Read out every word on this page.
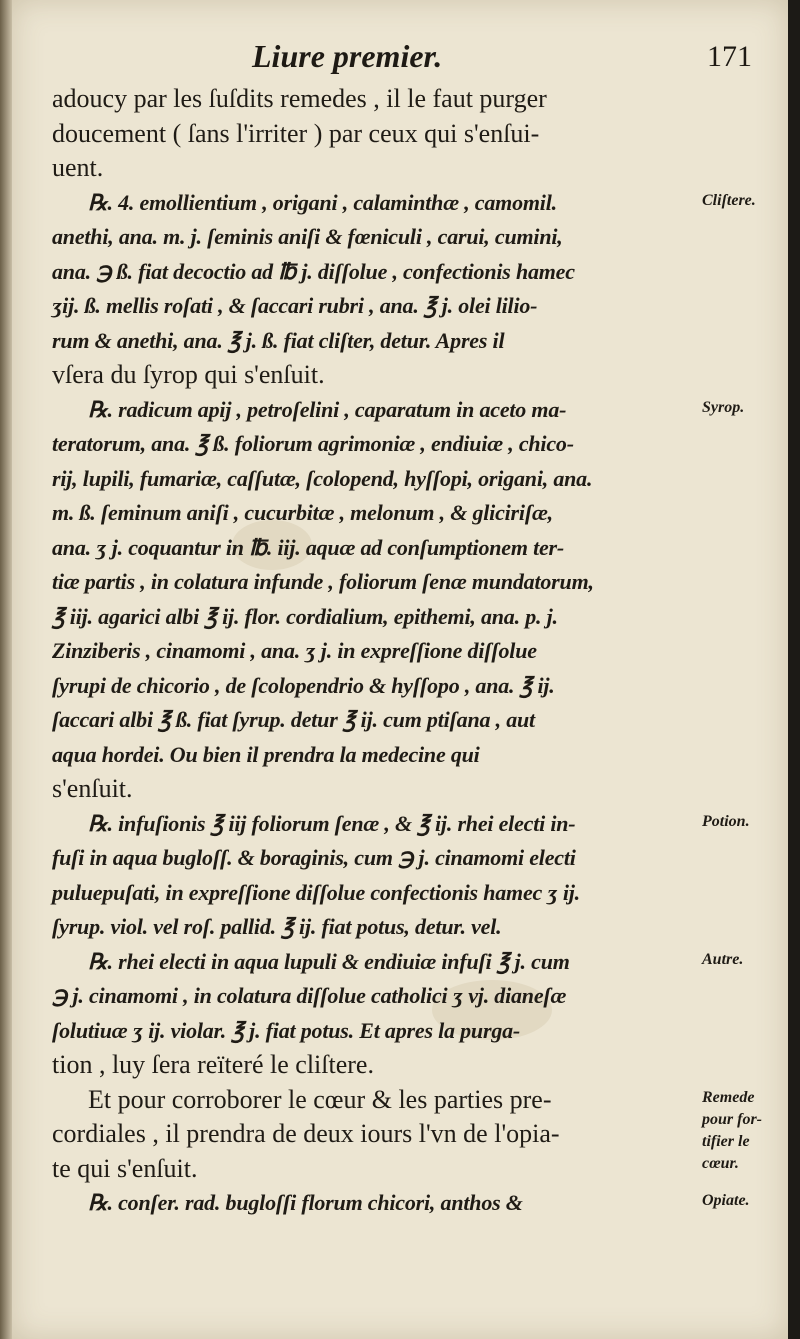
Liure premier.	171
adoucy par les ſuſdits remedes , il le faut purger
doucement ( ſans l'irriter ) par ceux qui s'enſui-
uent.
℞. 4. emollientium , origani , calaminthæ , camomil.
anethi, ana. m. j. ſeminis aniſi & fœniculi , carui, cumini,
ana. ℈ ß. fiat decoctio ad ℔ j. diſſolue , confectionis hamec
ʒij. ß. mellis roſati , & ſaccari rubri , ana. ℥ j. olei lilio-
rum & anethi, ana. ℥ j. ß. fiat cliſter, detur. Apres il
vſera du ſyrop qui s'enſuit.
℞. radicum apij , petroſelini , caparatum in aceto ma-
teratorum, ana. ℥ ß. foliorum agrimoniæ , endiuiæ , chico-
rij, lupili, fumariæ, caſſutæ, ſcolopend, hyſſopi, origani, ana.
m. ß. ſeminum aniſi , cucurbitæ , melonum , & gliciriſæ,
ana. ʒ j. coquantur in ℔. iij. aquæ ad conſumptionem ter-
tiæ partis , in colatura infunde , foliorum ſenæ mundatorum,
℥ iij. agarici albi ℥ ij. flor. cordialium, epithemi, ana. p. j.
Zinziberis , cinamomi , ana. ʒ j. in expreſſione diſſolue
ſyrupi de chicorio , de ſcolopendrio & hyſſopo , ana. ℥ ij.
ſaccari albi ℥ ß. fiat ſyrup. detur ℥ ij. cum ptiſana , aut
aqua hordei. Ou bien il prendra la medecine qui
s'enſuit.
℞. infuſionis ℥ iij foliorum ſenæ , & ℥ ij. rhei electi in-
fuſi in aqua bugloſſ. & boraginis, cum ℈ j. cinamomi electi
puluериſati, in expreſſione diſſolue confectionis hamec ʒ ij.
ſyrup. viol. vel roſ. pallid. ℥ ij. fiat potus, detur. vel.
℞. rhei electi in aqua lupuli & endiuiæ infuſi ℥ j. cum
℈ j. cinamomi , in colatura diſſolue catholici ʒ vj. dianeſæ
ſolutiuæ ʒ ij. violar. ℥ j. fiat potus. Et apres la purga-
tion , luy ſera reïteré le cliſtere.
Et pour corroborer le cœur & les parties pre-
cordiales , il prendra de deux iours l'vn de l'opia-
te qui s'enſuit.
℞. conſer. rad. bugloſſi florum chicori, anthos &
Cliſtere.
Syrop.
Potion.
Autre.
Remede pour for- tifier le cœur.
Opiate.
